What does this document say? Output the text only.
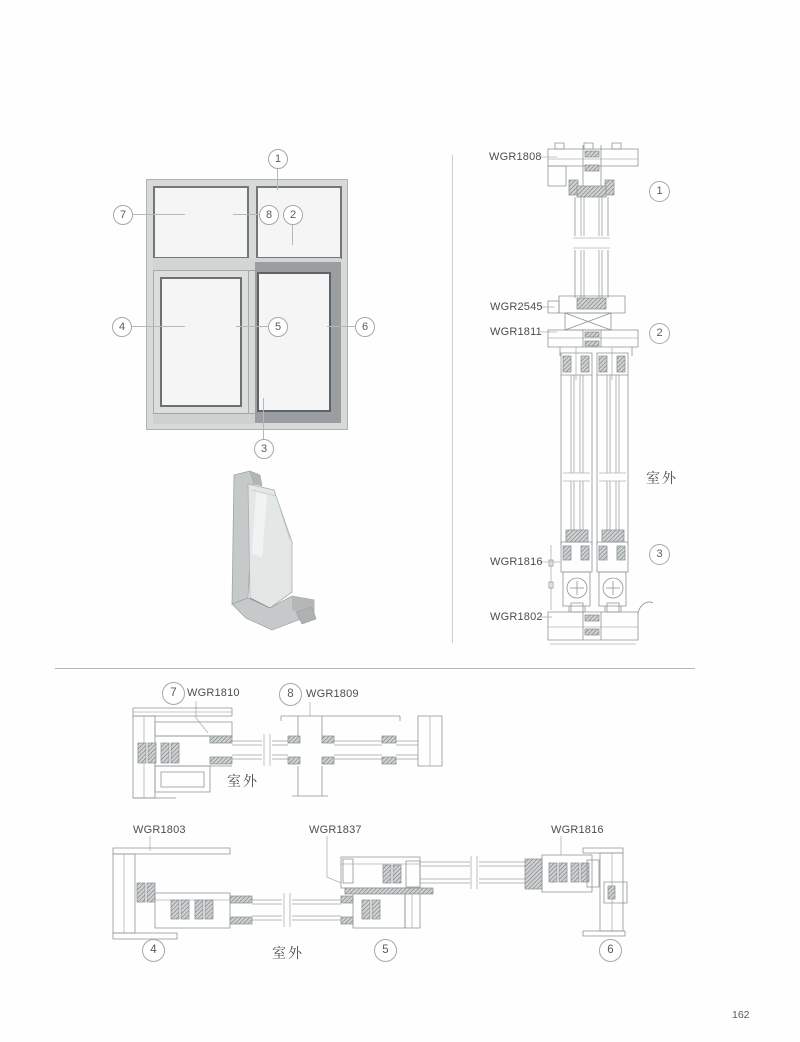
1
2
3
4	5	6
7	8
WGR1808
WGR2545
WGR1811
WGR1816
WGR1802
室外
1
2
3
7 WGR1810	8 WGR1809
室外
WGR1803	WGR1837	WGR1816
4	5	6
室外
162
